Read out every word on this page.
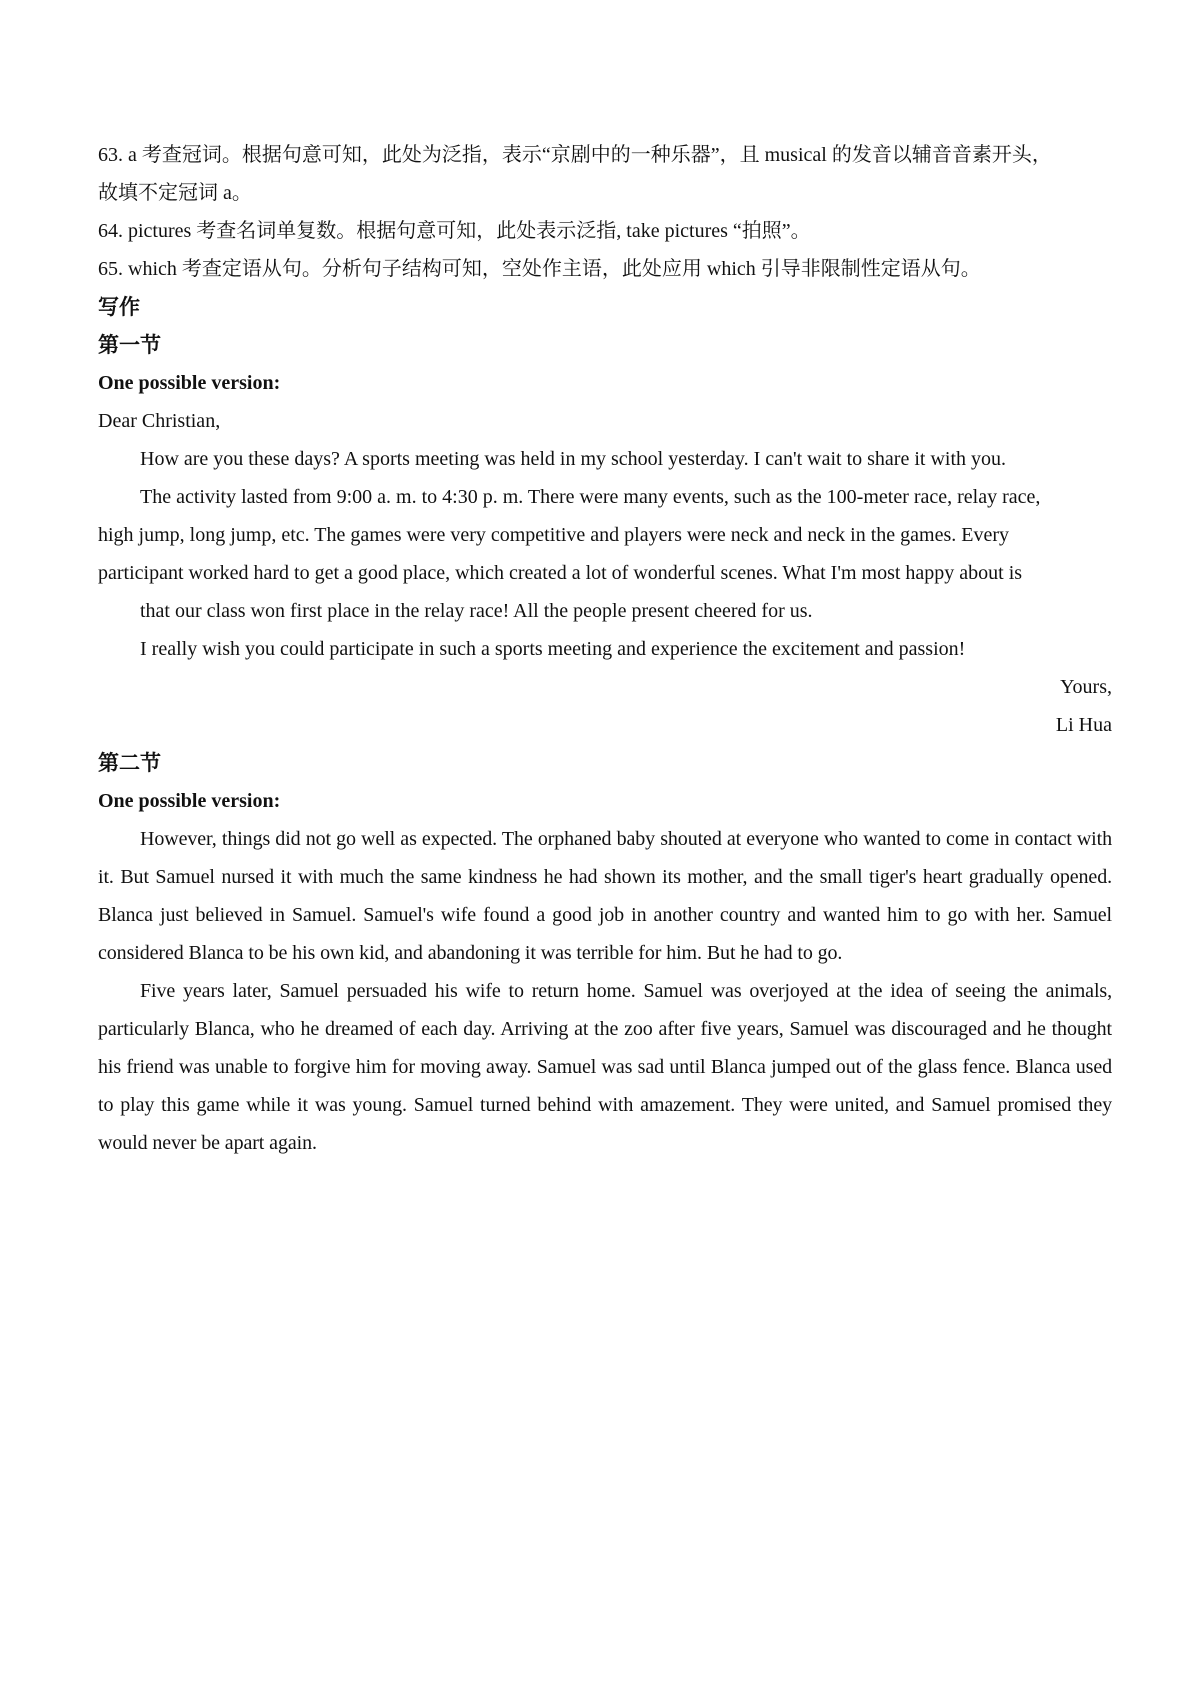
63. a 考查冠词。根据句意可知，此处为泛指，表示“京剧中的一种乐器”，且 musical 的发音以辅音音素开头，
故填不定冠词 a。
64. pictures 考查名词单复数。根据句意可知，此处表示泛指, take pictures “拍照”。
65. which 考查定语从句。分析句子结构可知，空处作主语，此处应用 which 引导非限制性定语从句。
写作
第一节
One possible version:
Dear Christian,
How are you these days? A sports meeting was held in my school yesterday. I can't wait to share it with you.
The activity lasted from 9:00 a. m. to 4:30 p. m. There were many events, such as the 100-meter race, relay race,
high jump, long jump, etc. The games were very competitive and players were neck and neck in the games. Every
participant worked hard to get a good place, which created a lot of wonderful scenes. What I'm most happy about is
that our class won first place in the relay race! All the people present cheered for us.
I really wish you could participate in such a sports meeting and experience the excitement and passion!
Yours,
Li Hua
第二节
One possible version:
However, things did not go well as expected. The orphaned baby shouted at everyone who wanted to come in contact with it. But Samuel nursed it with much the same kindness he had shown its mother, and the small tiger's heart gradually opened. Blanca just believed in Samuel. Samuel's wife found a good job in another country and wanted him to go with her. Samuel considered Blanca to be his own kid, and abandoning it was terrible for him. But he had to go.
Five years later, Samuel persuaded his wife to return home. Samuel was overjoyed at the idea of seeing the animals, particularly Blanca, who he dreamed of each day. Arriving at the zoo after five years, Samuel was discouraged and he thought his friend was unable to forgive him for moving away. Samuel was sad until Blanca jumped out of the glass fence. Blanca used to play this game while it was young. Samuel turned behind with amazement. They were united, and Samuel promised they would never be apart again.
